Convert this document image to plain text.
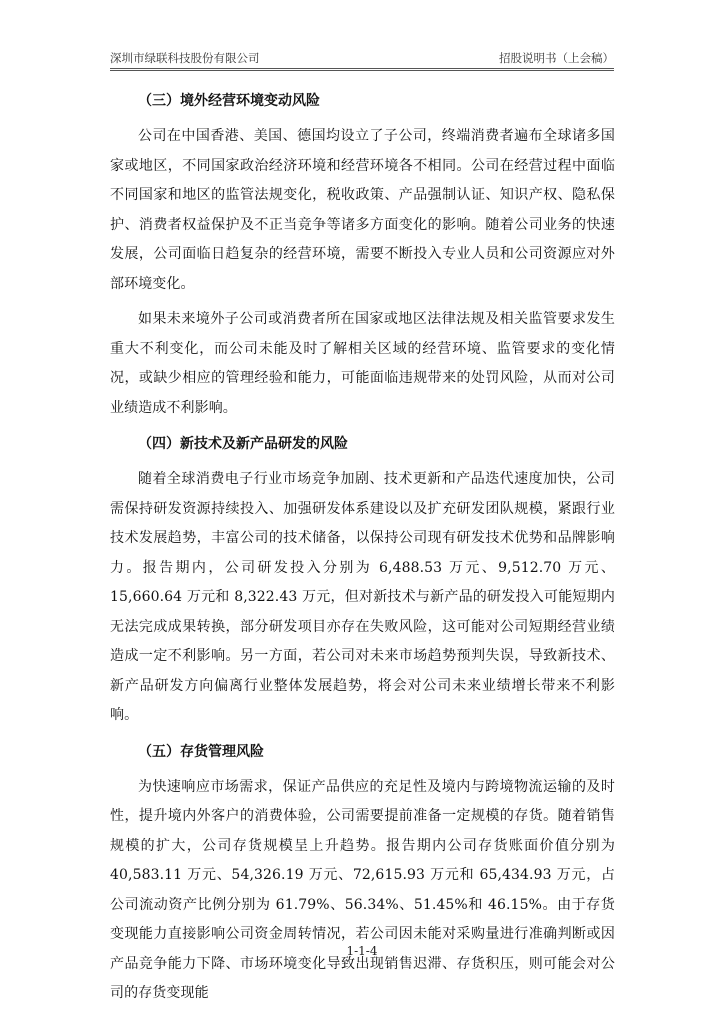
深圳市绿联科技股份有限公司	招股说明书（上会稿）
（三）境外经营环境变动风险

公司在中国香港、美国、德国均设立了子公司，终端消费者遍布全球诸多国家或地区，不同国家政治经济环境和经营环境各不相同。公司在经营过程中面临不同国家和地区的监管法规变化，税收政策、产品强制认证、知识产权、隐私保护、消费者权益保护及不正当竞争等诸多方面变化的影响。随着公司业务的快速发展，公司面临日趋复杂的经营环境，需要不断投入专业人员和公司资源应对外部环境变化。

如果未来境外子公司或消费者所在国家或地区法律法规及相关监管要求发生重大不利变化，而公司未能及时了解相关区域的经营环境、监管要求的变化情况，或缺少相应的管理经验和能力，可能面临违规带来的处罚风险，从而对公司业绩造成不利影响。

（四）新技术及新产品研发的风险

随着全球消费电子行业市场竞争加剧、技术更新和产品迭代速度加快，公司需保持研发资源持续投入、加强研发体系建设以及扩充研发团队规模，紧跟行业技术发展趋势，丰富公司的技术储备，以保持公司现有研发技术优势和品牌影响力。报告期内，公司研发投入分别为 6,488.53 万元、9,512.70 万元、15,660.64 万元和 8,322.43 万元，但对新技术与新产品的研发投入可能短期内无法完成成果转换，部分研发项目亦存在失败风险，这可能对公司短期经营业绩造成一定不利影响。另一方面，若公司对未来市场趋势预判失误，导致新技术、新产品研发方向偏离行业整体发展趋势，将会对公司未来业绩增长带来不利影响。

（五）存货管理风险

为快速响应市场需求，保证产品供应的充足性及境内与跨境物流运输的及时性，提升境内外客户的消费体验，公司需要提前准备一定规模的存货。随着销售规模的扩大，公司存货规模呈上升趋势。报告期内公司存货账面价值分别为 40,583.11 万元、54,326.19 万元、72,615.93 万元和 65,434.93 万元，占公司流动资产比例分别为 61.79%、56.34%、51.45%和 46.15%。由于存货变现能力直接影响公司资金周转情况，若公司因未能对采购量进行准确判断或因产品竞争能力下降、市场环境变化导致出现销售迟滞、存货积压，则可能会对公司的存货变现能

1-1-4
